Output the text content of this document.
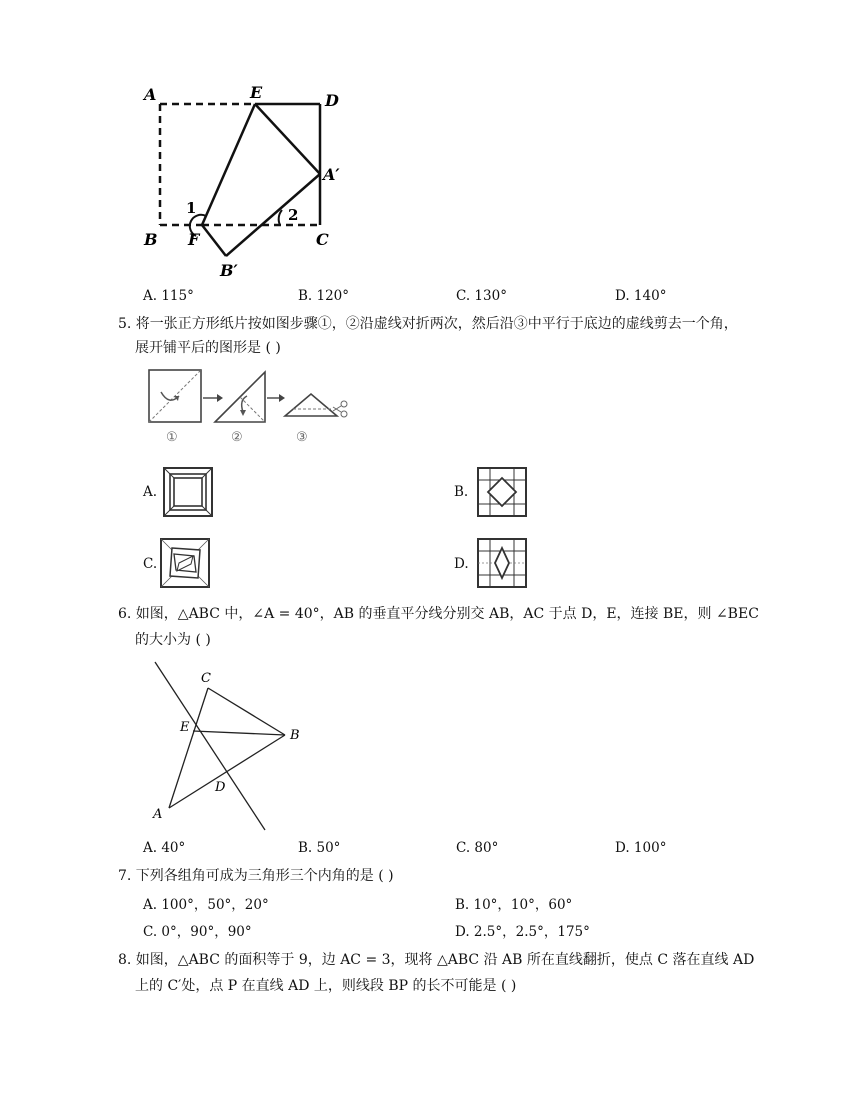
A	E	D
A′
1	2
B F	C
B′
A. 115°	B. 120°	C. 130°	D. 140°
5. 将一张正方形纸片按如图步骤①，②沿虚线对折两次，然后沿③中平行于底边的虚线剪去一个角，
展开铺平后的图形是 ( )
①	②	③
A.	B.
C.	D.
6. 如图，△ABC 中，∠A = 40°，AB 的垂直平分线分别交 AB，AC 于点 D，E，连接 BE，则 ∠BEC
的大小为 ( )
C
E
B
D
A
A. 40°	B. 50°	C. 80°	D. 100°
7. 下列各组角可成为三角形三个内角的是 ( )
A. 100°，50°，20°	B. 10°，10°，60°
C. 0°，90°，90°	D. 2.5°，2.5°，175°
8. 如图，△ABC 的面积等于 9，边 AC = 3，现将 △ABC 沿 AB 所在直线翻折，使点 C 落在直线 AD
上的 C′处，点 P 在直线 AD 上，则线段 BP 的长不可能是 ( )
